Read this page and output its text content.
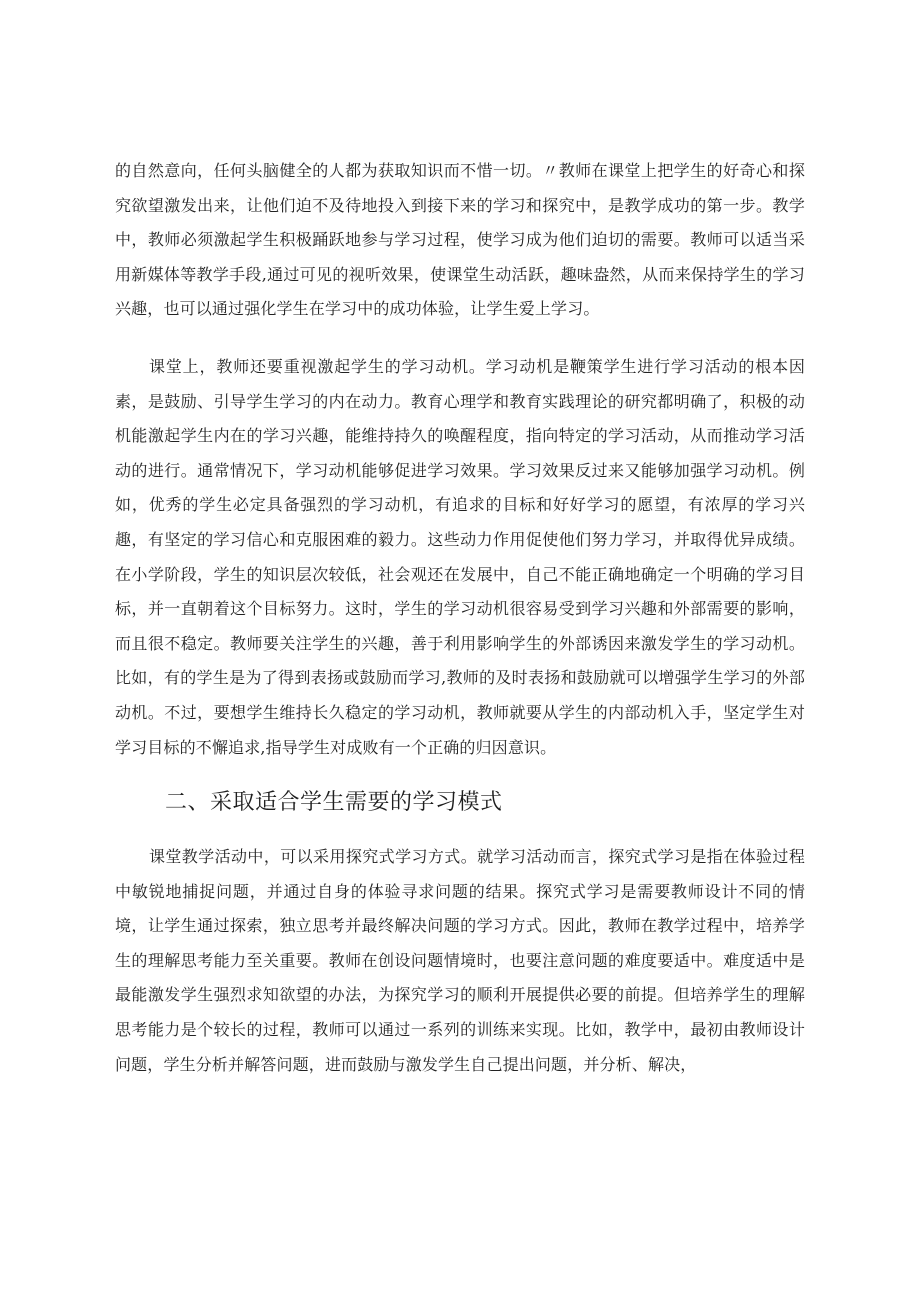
的自然意向，任何头脑健全的人都为获取知识而不惜一切。〃教师在课堂上把学生的好奇心和探究欲望激发出来，让他们迫不及待地投入到接下来的学习和探究中，是教学成功的第一步。教学中，教师必须激起学生积极踊跃地参与学习过程，使学习成为他们迫切的需要。教师可以适当采用新媒体等教学手段,通过可见的视听效果，使课堂生动活跃，趣味盎然，从而来保持学生的学习兴趣，也可以通过强化学生在学习中的成功体验，让学生爱上学习。

课堂上，教师还要重视激起学生的学习动机。学习动机是鞭策学生进行学习活动的根本因素，是鼓励、引导学生学习的内在动力。教育心理学和教育实践理论的研究都明确了，积极的动机能激起学生内在的学习兴趣，能维持持久的唤醒程度，指向特定的学习活动，从而推动学习活动的进行。通常情况下，学习动机能够促进学习效果。学习效果反过来又能够加强学习动机。例如，优秀的学生必定具备强烈的学习动机，有追求的目标和好好学习的愿望，有浓厚的学习兴趣，有坚定的学习信心和克服困难的毅力。这些动力作用促使他们努力学习，并取得优异成绩。在小学阶段，学生的知识层次较低，社会观还在发展中，自己不能正确地确定一个明确的学习目标，并一直朝着这个目标努力。这时，学生的学习动机很容易受到学习兴趣和外部需要的影响，而且很不稳定。教师要关注学生的兴趣，善于利用影响学生的外部诱因来激发学生的学习动机。比如，有的学生是为了得到表扬或鼓励而学习,教师的及时表扬和鼓励就可以增强学生学习的外部动机。不过，要想学生维持长久稳定的学习动机，教师就要从学生的内部动机入手，坚定学生对学习目标的不懈追求,指导学生对成败有一个正确的归因意识。

二、采取适合学生需要的学习模式

课堂教学活动中，可以采用探究式学习方式。就学习活动而言，探究式学习是指在体验过程中敏锐地捕捉问题，并通过自身的体验寻求问题的结果。探究式学习是需要教师设计不同的情境，让学生通过探索，独立思考并最终解决问题的学习方式。因此，教师在教学过程中，培养学生的理解思考能力至关重要。教师在创设问题情境时，也要注意问题的难度要适中。难度适中是最能激发学生强烈求知欲望的办法，为探究学习的顺利开展提供必要的前提。但培养学生的理解思考能力是个较长的过程，教师可以通过一系列的训练来实现。比如，教学中，最初由教师设计问题，学生分析并解答问题，进而鼓励与激发学生自己提出问题，并分析、解决，
